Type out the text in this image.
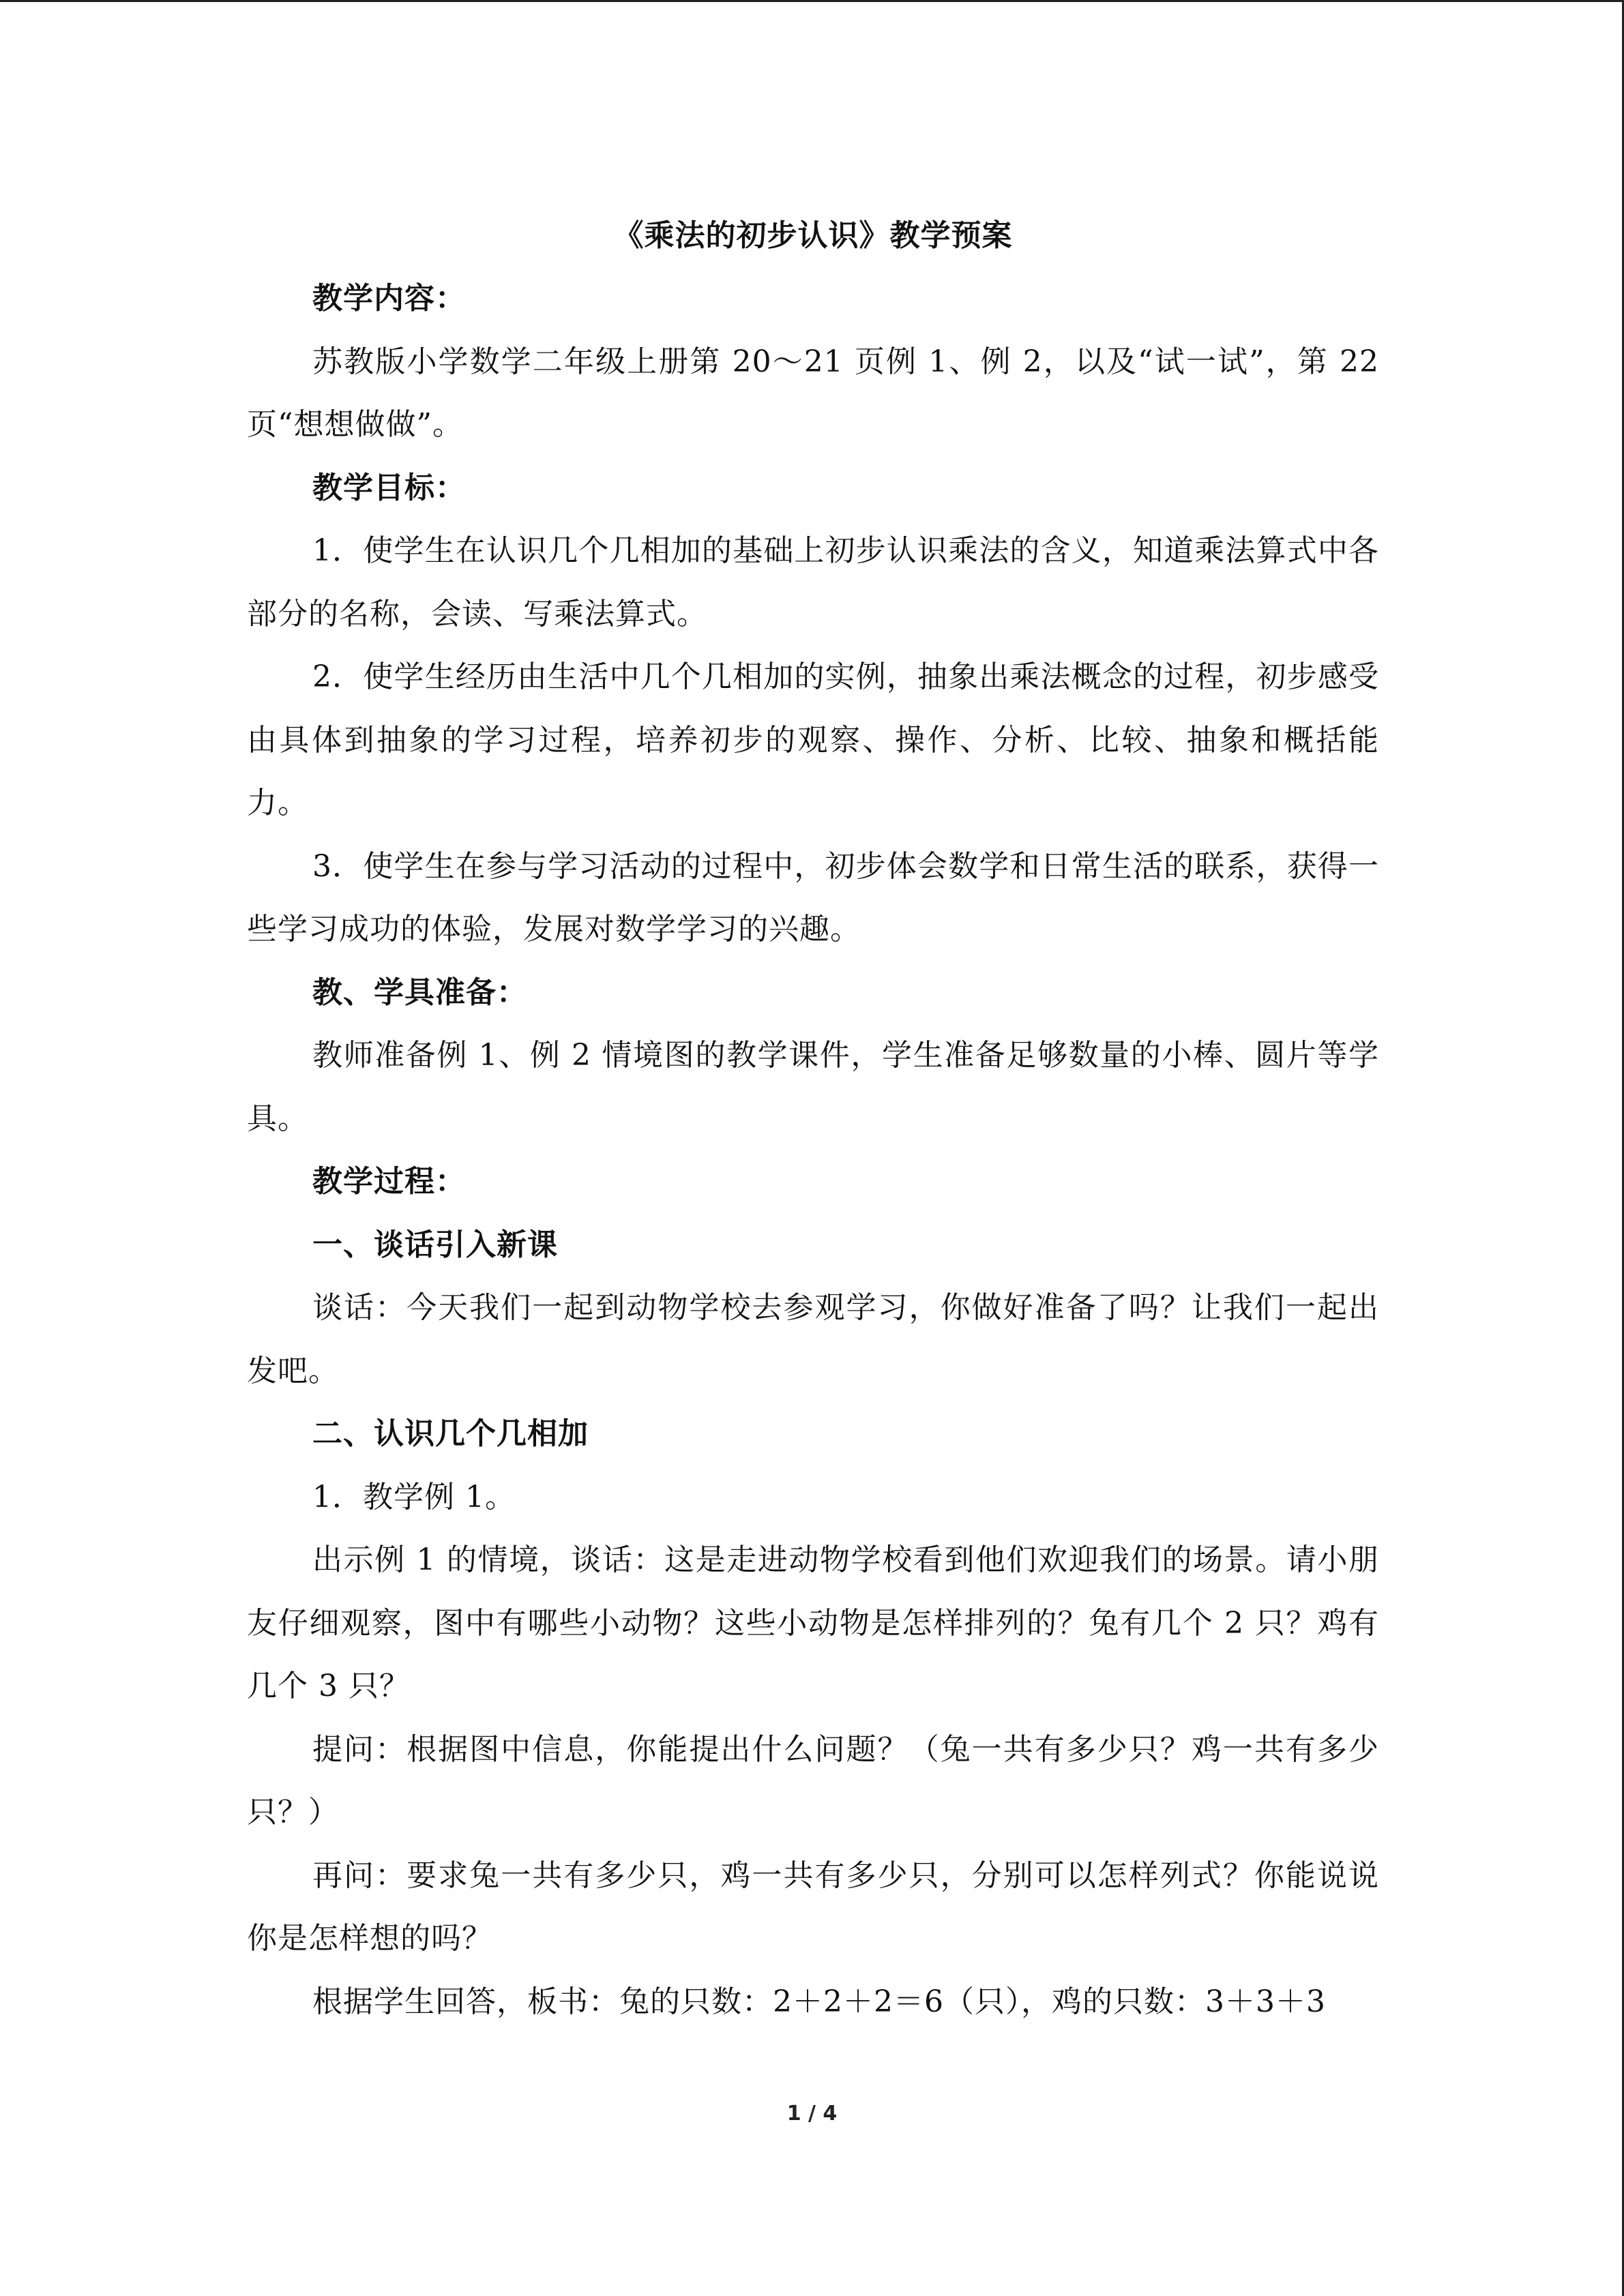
《乘法的初步认识》教学预案

教学内容：

苏教版小学数学二年级上册第 20～21 页例 1、例 2，以及“试一试”，第 22 页“想想做做”。

教学目标：

1．使学生在认识几个几相加的基础上初步认识乘法的含义，知道乘法算式中各部分的名称，会读、写乘法算式。

2．使学生经历由生活中几个几相加的实例，抽象出乘法概念的过程，初步感受由具体到抽象的学习过程，培养初步的观察、操作、分析、比较、抽象和概括能力。

3．使学生在参与学习活动的过程中，初步体会数学和日常生活的联系，获得一些学习成功的体验，发展对数学学习的兴趣。

教、学具准备：

教师准备例 1、例 2 情境图的教学课件，学生准备足够数量的小棒、圆片等学具。

教学过程：

一、谈话引入新课

谈话：今天我们一起到动物学校去参观学习，你做好准备了吗？让我们一起出发吧。

二、认识几个几相加

1．教学例 1。

出示例 1 的情境，谈话：这是走进动物学校看到他们欢迎我们的场景。请小朋友仔细观察，图中有哪些小动物？这些小动物是怎样排列的？兔有几个 2 只？鸡有几个 3 只？

提问：根据图中信息，你能提出什么问题？（兔一共有多少只？鸡一共有多少只？）

再问：要求兔一共有多少只，鸡一共有多少只，分别可以怎样列式？你能说说你是怎样想的吗？

根据学生回答，板书：兔的只数：2＋2＋2＝6（只），鸡的只数：3＋3＋3

1 / 4
